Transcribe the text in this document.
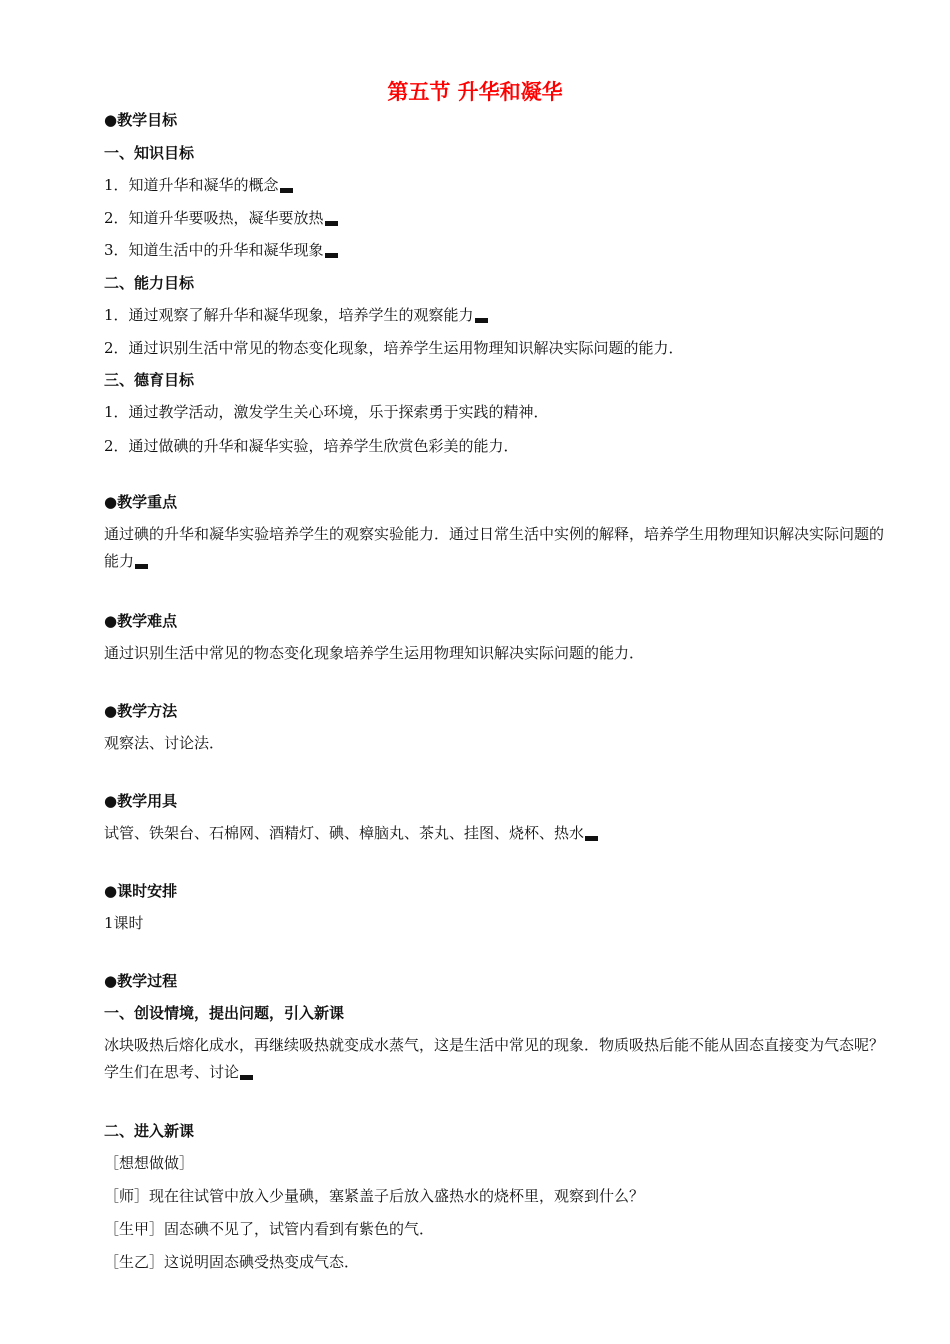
第五节 升华和凝华
●教学目标
一、知识目标
1．知道升华和凝华的概念
2．知道升华要吸热，凝华要放热
3．知道生活中的升华和凝华现象
二、能力目标
1．通过观察了解升华和凝华现象，培养学生的观察能力
2．通过识别生活中常见的物态变化现象，培养学生运用物理知识解决实际问题的能力．
三、德育目标
1．通过教学活动，激发学生关心环境，乐于探索勇于实践的精神．
2．通过做碘的升华和凝华实验，培养学生欣赏色彩美的能力．
●教学重点
通过碘的升华和凝华实验培养学生的观察实验能力．通过日常生活中实例的解释，培养学生用物理知识解决实际问题的能力
●教学难点
通过识别生活中常见的物态变化现象培养学生运用物理知识解决实际问题的能力．
●教学方法
观察法、讨论法．
●教学用具
试管、铁架台、石棉网、酒精灯、碘、樟脑丸、茶丸、挂图、烧杯、热水
●课时安排
1课时
●教学过程
一、创设情境，提出问题，引入新课
冰块吸热后熔化成水，再继续吸热就变成水蒸气，这是生活中常见的现象．物质吸热后能不能从固态直接变为气态呢？学生们在思考、讨论
二、进入新课
［想想做做］
［师］现在往试管中放入少量碘，塞紧盖子后放入盛热水的烧杯里，观察到什么？
［生甲］固态碘不见了，试管内看到有紫色的气．
［生乙］这说明固态碘受热变成气态．
